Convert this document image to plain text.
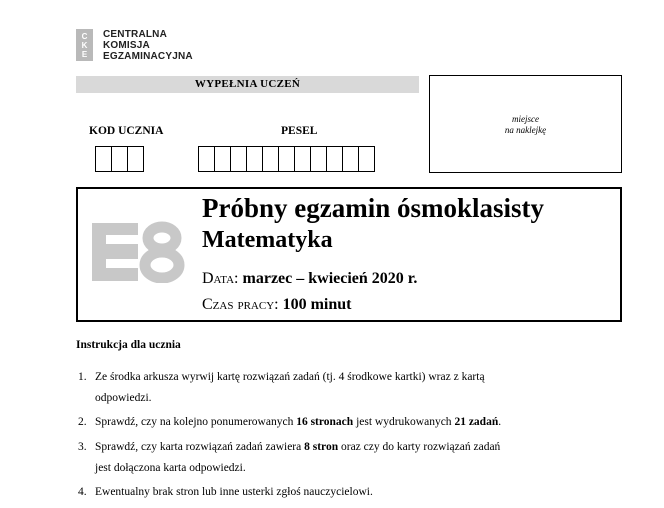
C
K
E
CENTRALNA
KOMISJA
EGZAMINACYJNA
WYPEŁNIA UCZEŃ
KOD UCZNIA	PESEL
miejsce
na naklejkę
Próbny egzamin ósmoklasisty
Matematyka
Data: marzec – kwiecień 2020 r.
Czas pracy: 100 minut
Instrukcja dla ucznia
1. Ze środka arkusza wyrwij kartę rozwiązań zadań (tj. 4 środkowe kartki) wraz z kartą
odpowiedzi.
2. Sprawdź, czy na kolejno ponumerowanych 16 stronach jest wydrukowanych 21 zadań.
3. Sprawdź, czy karta rozwiązań zadań zawiera 8 stron oraz czy do karty rozwiązań zadań
jest dołączona karta odpowiedzi.
4. Ewentualny brak stron lub inne usterki zgłoś nauczycielowi.
